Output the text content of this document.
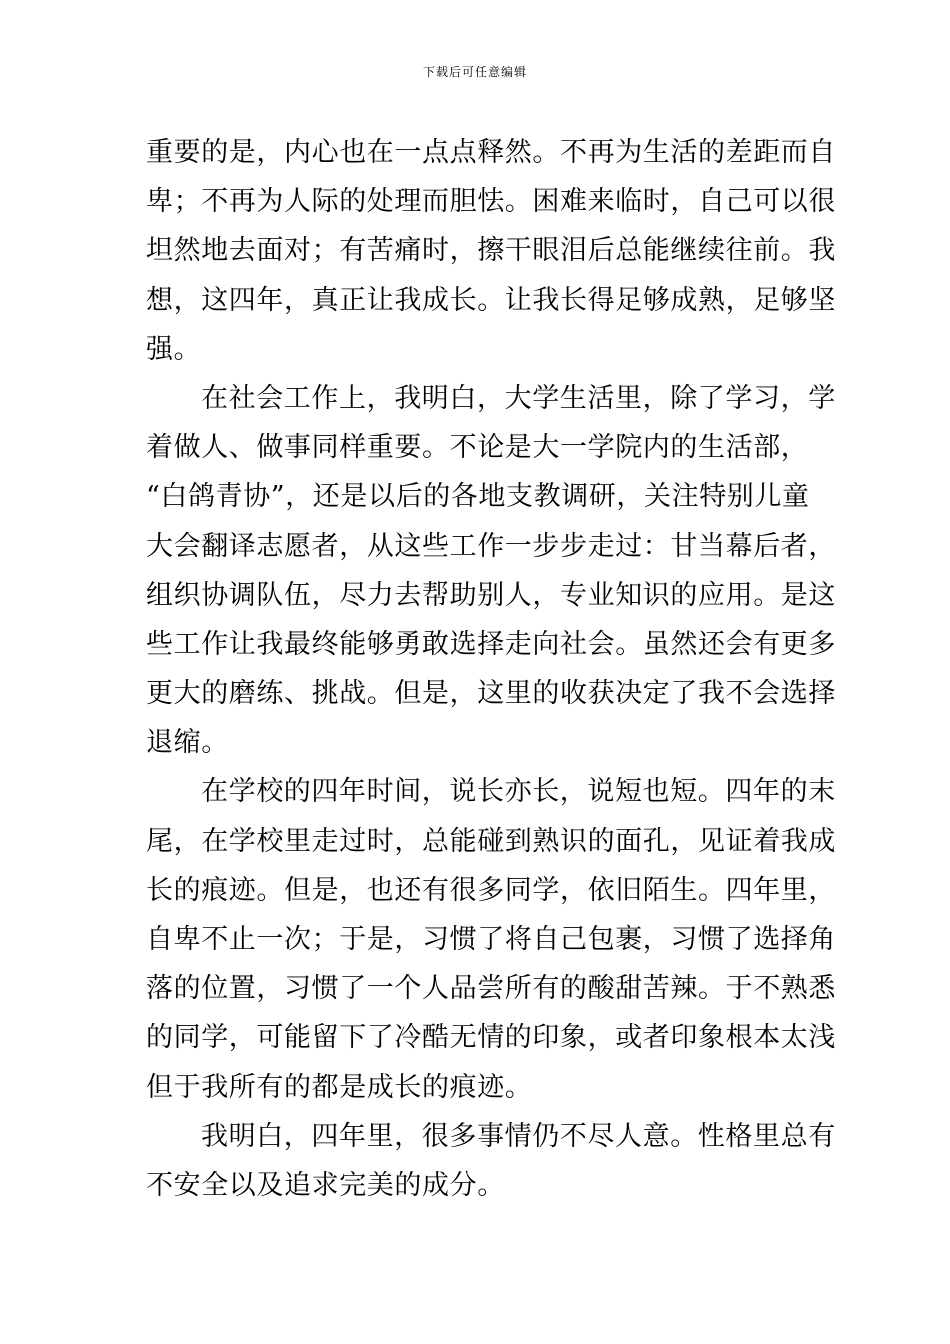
下载后可任意编辑
重要的是，内心也在一点点释然。不再为生活的差距而自
卑；不再为人际的处理而胆怯。困难来临时，自己可以很
坦然地去面对；有苦痛时，擦干眼泪后总能继续往前。我
想，这四年，真正让我成长。让我长得足够成熟，足够坚
强。
在社会工作上，我明白，大学生活里，除了学习，学
着做人、做事同样重要。不论是大一学院内的生活部，
“白鸽青协”，还是以后的各地支教调研，关注特别儿童
大会翻译志愿者，从这些工作一步步走过：甘当幕后者，
组织协调队伍，尽力去帮助别人，专业知识的应用。是这
些工作让我最终能够勇敢选择走向社会。虽然还会有更多
更大的磨练、挑战。但是，这里的收获决定了我不会选择
退缩。
在学校的四年时间，说长亦长，说短也短。四年的末
尾，在学校里走过时，总能碰到熟识的面孔，见证着我成
长的痕迹。但是，也还有很多同学，依旧陌生。四年里，
自卑不止一次；于是，习惯了将自己包裹，习惯了选择角
落的位置，习惯了一个人品尝所有的酸甜苦辣。于不熟悉
的同学，可能留下了冷酷无情的印象，或者印象根本太浅
但于我所有的都是成长的痕迹。
我明白，四年里，很多事情仍不尽人意。性格里总有
不安全以及追求完美的成分。
